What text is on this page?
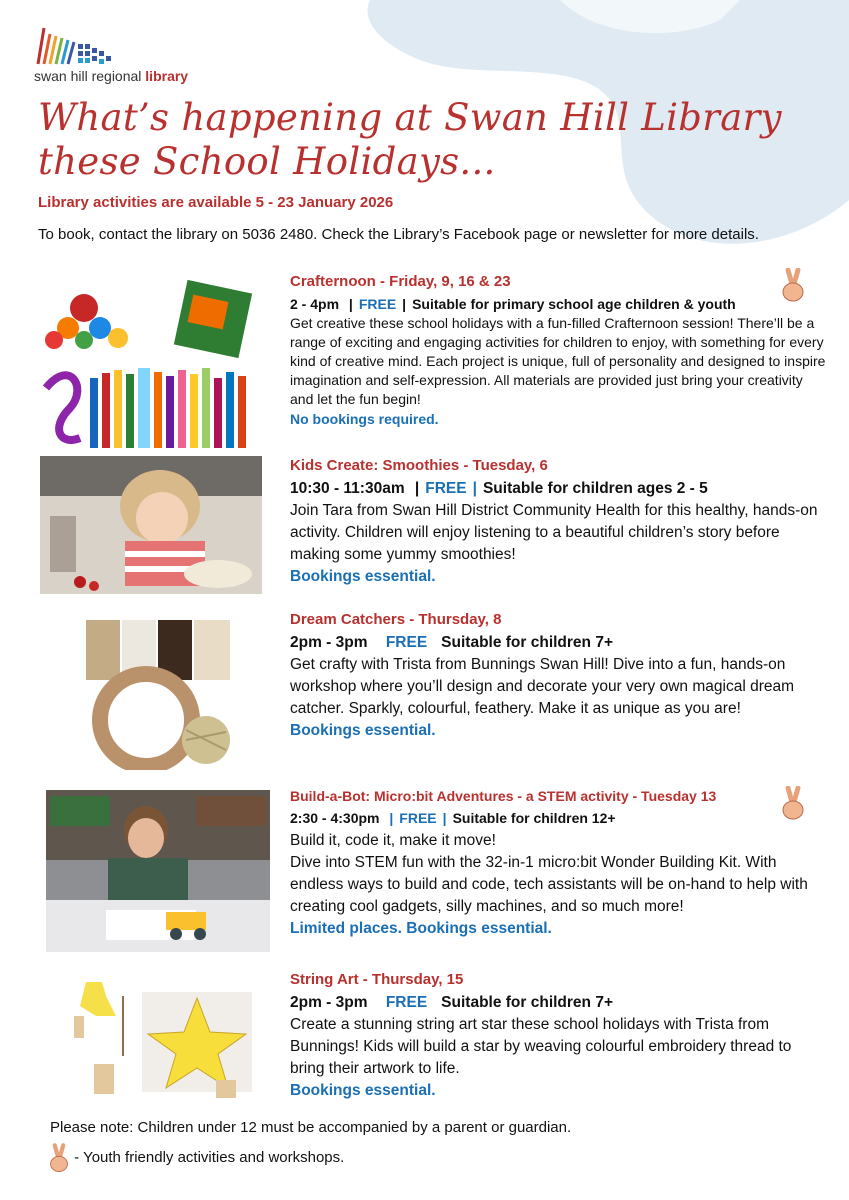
swan hill regional library
What’s happening at Swan Hill Library
these School Holidays...
Library activities are available 5 - 23 January 2026
To book, contact the library on 5036 2480. Check the Library’s Facebook page or newsletter for more details.
Crafternoon - Friday, 9, 16 & 23
2 - 4pm | FREE | Suitable for primary school age children & youth
Get creative these school holidays with a fun-filled Crafternoon session! There’ll be a range of exciting and engaging activities for children to enjoy, with something for every kind of creative mind. Each project is unique, full of personality and designed to inspire imagination and self-expression. All materials are provided just bring your creativity and let the fun begin!
No bookings required.
Kids Create: Smoothies - Tuesday, 6
10:30 - 11:30am | FREE | Suitable for children ages 2 - 5
Join Tara from Swan Hill District Community Health for this healthy, hands-on activity. Children will enjoy listening to a beautiful children’s story before making some yummy smoothies!
Bookings essential.
Dream Catchers - Thursday, 8
2pm - 3pm FREE Suitable for children 7+
Get crafty with Trista from Bunnings Swan Hill! Dive into a fun, hands-on workshop where you’ll design and decorate your very own magical dream catcher. Sparkly, colourful, feathery. Make it as unique as you are!
Bookings essential.
Build-a-Bot: Micro:bit Adventures - a STEM activity - Tuesday 13
2:30 - 4:30pm | FREE | Suitable for children 12+
Build it, code it, make it move!
Dive into STEM fun with the 32-in-1 micro:bit Wonder Building Kit. With endless ways to build and code, tech assistants will be on-hand to help with creating cool gadgets, silly machines, and so much more!
Limited places. Bookings essential.
String Art - Thursday, 15
2pm - 3pm FREE Suitable for children 7+
Create a stunning string art star these school holidays with Trista from Bunnings! Kids will build a star by weaving colourful embroidery thread to bring their artwork to life.
Bookings essential.
Please note: Children under 12 must be accompanied by a parent or guardian.
- Youth friendly activities and workshops.
